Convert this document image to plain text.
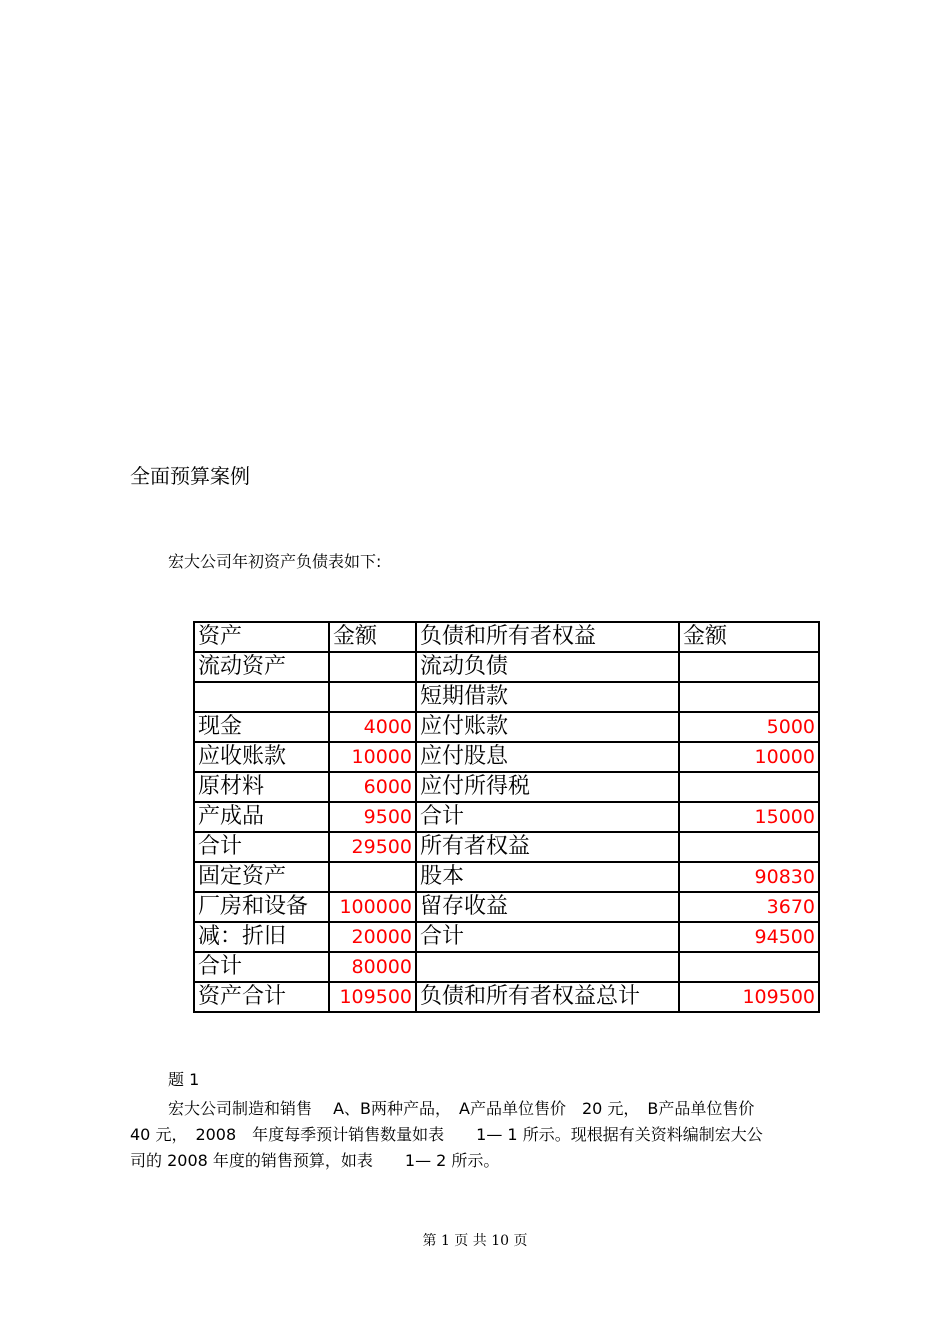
全面预算案例
宏大公司年初资产负债表如下:
资产	金额	负债和所有者权益	金额
流动资产		流动负债	
		短期借款	
现金	4000	应付账款	5000
应收账款	10000	应付股息	10000
原材料	6000	应付所得税	
产成品	9500	合计	15000
合计	29500	所有者权益	
固定资产		股本	90830
厂房和设备	100000	留存收益	3670
减：折旧	20000	合计	94500
合计	80000		
资产合计	109500	负债和所有者权益总计	109500
题 1
宏大公司制造和销售　 A、B两种产品，　A产品单位售价　20 元，　B产品单位售价
40 元，　2008　年度每季预计销售数量如表　　1— 1 所示。现根据有关资料编制宏大公
司的 2008 年度的销售预算，如表　　1— 2 所示。
第 1 页 共 10 页
